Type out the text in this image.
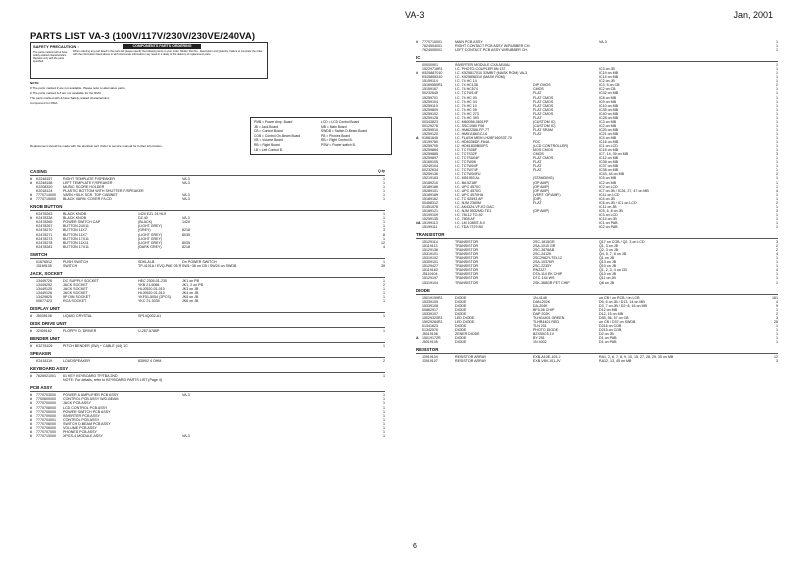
VA-3	Jan, 2001
PARTS LIST VA-3 (100V/117V/230V/230VE/240VA)
SAFETY PRECAUTION :
The parts marked with Δ have safety-related characteristics. Replace only with the parts specified.
COMPONENTS PARTS ORDERING
When ordering any part listed in the parts list please specify the following items in your order: Model, Part No., Description and Quantity. Failure to complete the order with the information listed above or with inaccurate information may result in a delay of the delivery of replacement parts.
NOTE:
# The parts marked # are not available. Please refer to alternative parts.
# The parts marked Δ # are not available for the RMA.
The parts marked with Δ have Safety-related characteristics.
Component for RMA
PMB = Power Amp. Board
JB = Jack Board
CB = Control Board
COB = Control On-Beam Board
VB = Volume Board
RB = Right Board
LB = Left Control B.
LCD = LCD Control Board
MB = Main Board
SWDB = Switch D-Beam Board
PB = Phones Board
RB = Right Control B.
PSW = Power switch B.
Replacement should be made with the identical part. Refer to service manual for further information.
CASING	Q.ty
# K2248157	RIGHT TEMPLATE F/SPEAKER	VA-3	1
# K2248158	LEFT TEMPLATE F/SPEAKER	VA-3	1
K2208320	MUSIC SCORE HOLDER	1
K2018124	PLASTIC BOTTOM WITH SHUTTER F/SPEAKER	1
# 7770714000 VARN.+SILK SCR. TOP CABINET	VA-3	1
# 7770715000 BLACK VARN. COVER F/LCD	VA-3	1
KNOB BUTTON
K2478263	BLACK KNOB	1420 EZL 24 HL9	1
# K2478338	BLACK KNOB	DZ.40	VA-3	1
K2478265	POWER SWITCH CAP	(BLACK)	1420	1
K2478267	BUTTON 24X11	(LIGHT GREY)	1
K2478270	BUTTON 11X7	(GREY)	8218	3
K2478271	BUTTON 11X7	(LIGHT GREY)	8035	8
K2478273	BUTTON 17X11	(LIGHT GREY)	1
K2478278	BUTTON 11X11	(LIGHT GREY)	8035	12
K2478281	BUTTON 17X11	(DARK GREY)	8218	4
SWITCH
01676512	PUSH SWITCH	SDKLAI-B	On POWER SWITCH	1
J3169105	SWITCH	TP-4101A / EVQ-PAE 05 R SW1~38 on CB / SW24 on SWDB	39
JACK, SOCKET
13449726	DC SUPPLY SOCKET	HEC 2305-01-230	JK1 on PB	1
13449252	JACK SOCKET	YKB 21-5066	JK1, 2 on PB	2
13449125	JACK SOCKET	HLJ0520-01-010	JK3 on JB	1
13449126	JACK SOCKET	HLJ0520-01-010	JK4 on JB	1
13429825	5P DIN SOCKET	YKF51-5054 (2PCS)	JK5 on JB	1
00677423	RCA SOCKET	YKC 21-3035	JK6 on JB	1
DISPLAY UNIT
# J5039108	LIQUID CRYSTAL	SP14Q002-A1	1
DISK DRIVE UNIT
# J2409162	FLOPPY D. DRIVER	U-257 A786P	1
BENDER UNIT
# K3278109	PITCH BENDER (SW) + CABLE (44) 1C	1
SPEAKER
K2418119	LOUDSPEAKER	8359/2 4 OHM	2
KEYBOARD ASSY
# 7626921001 61 KEY KEYBOARD TP/TBA 2ND	1
NOTE: For details, refer to KEYBOARD PARTS LIST (Page 4)
PCB ASSY
# 7770703000 POWER & AMPLIFIER PCB ASSY	VA-3	1
# 7700600000 CONTROL PCB ASSY W/D-BEAM	1
# 7770700000 JACK PCB ASSY	1
# 7770708000 LCD CONTROL PCB ASSY	1
# 7770705000 POWER SWITCH PCB ASSY	1
# 7770709000 INVERTER PCB ASSY	1
# 7770704001 CONTROL PCB ASSY	1
# 7770706000 SWITCH D.BEAM PCB ASSY	1
# 7770706000 VOLUME PCB ASSY	1
# 7770707000 PHONES PCB ASSY	1
# 7770710000 XPGS-4 MODULE ASSY	VA-3	1
# 7770710001	MAIN PCB ASSY	VA-3	1
7624504001	RIGHT CONTACT PCB ASSY W/RUBBER CH.	1
7624505001	LEFT CONTACT PCB ASSY W/RUBBER CH.	1
IC
00000901	INVERTER MODULE CXA-M10AL	1
15229718R1	I.C. PHOTO-COUPLER 6N 137	IC3 on JB	1
# K525887010	I.C. K525817010 32MBIT (MASK ROM) VA-3	IC19 on MB	1
K525858310	I.C. K525858310 (MASK ROM)	IC14 on MB	1
15159114	I.C. 74 HC 14	IC2 on JB	1
15169550R1	I.C. 74 HC138	DIP CMOS	IC3, 5 on CB	2
15159167	I.C. 74 HC574	CMOS	IC2 on CB	1
00232645	I.C. TC7W14F	FLAT	IC32 on MB	1
15259701	I.C. 74 HC 00	FLAT CMOS	IC8 on MB	1
15259104	I.C. 74 HC 04	FLAT CMOS	IC9 on MB	1
15259110	I.C. 74 HC 10	FLAT CMOS	IC10 on MB	1
15259809	I.C. 74 HC 09	FLAT CMOS	IC35 on MB	1
15259102	I.C. 74 HC 273	FLAT CMOS	IC40 on MB	1
15259128	I.C. 74 HC 393	FLAT	IC28 on MB	1
00343823	I.C. M60056-0601FP	(CUSTOM IC)	IC3 on MB	1
00129278	I.C. SSC1080 F08	(CUSTOM IC)	IC2 on MB	1
15259510	I.C. HM62256LFP-7T	FLAT SRAM	IC20 on MB	1
15259120	I.C. HM51186GCJ-6	FLAT	IC21 on MB	1
A 01661645	I.C. FLASH MEM LH28F160S3T-70	IC4 on MB	1
15199780	I.C. HD6336DF-F64A	FDC	IC16 on MB	1
15259705	I.C. HD61830B00FS	(LCD CONTROLLER)	IC1 on LCD	1
15259884	I.C. TC7S08F	MOS CMOS	IC15 on MB	1
15259885	I.C. TC7S32F	CMOS	IC7, 14, 39 on MB	3
15259897	I.C. TC7SU04F	FLAT CMOS	IC12 on MB	1
15169105	I.C. TC7W08	FLAT	IC36 on MB	1
15249104	I.C. TC7W04F	FLAT	IC37 on MB	1
00232634	I.C. TC7W74F	FLAT	IC38 on MB	1
15259136	I.C. TC7W04FU	IC43, 44 on MB	2
15219183	I.C. M51953 AL	(STANDING)	IC5 on MB	1
15189210	I.C. BA 5218F	(OP AMP)	IC2 on MB	1
15189186	I.C. UPC 4570C	(OP AMP)	IC2 on LCD	1
15289101	I.C. UPC 4570G	(OP AMP)	IC7 on JB / IC26, 27, 47 on MB	4
15189189	I.C. UPC 4570HA	(VERT. OP.AMP.)	IC11 on LCD	1
15189162	I.C. TC 62593 AP	(DIP)	IC4 on JB	1
00458312	I.C. NJM 2360M	FLAT	IC6 on JB / IC1 on LCD	2
01451578	I.C. AK4324-VF-E2 DAC	IC11 on JB	1
15189121	I.C. NJM 5532MD-TE1	(OP AMP)	IC5, 6, 8 on JB	3
15199109	I.C. 78L12 TO-92	IC3 on LCD	1
15259135	I.C. 7805 AF	IC14 on JB	1
#A 15199113	I.C. LM 1085IT-5.0	IC1 on PAB	1
15199111	I.C. TDA 7379 BV	IC2 on PAB	1
TRANSISTOR
15129114	TRANSISTOR	2SC-1815GR	Q17 on COB / Q2, 3 on LCD	3
15119113	TRANSISTOR	2SA-1015 GR	Q1, 3 on JB	2
15129136	TRANSISTOR	2SC-2878AB	Q2, 3 on JB	2
15319101	TRANSISTOR	2SC-2412K	Q4, 5, 7, 8 on JB	4
15319102	TRANSISTOR	2SC2982Y-TEL12	Q1 on JB	1
15309101	TRANSISTOR	2SA-1037KR	Q13 on JB	1
15129427	TRANSISTOR	2SC-2235Y	Q10 on JB	1
15119163	TRANSISTOR	RN2227	Q1, 2, 3, 4 on CB	4
J5119104	TRANSISTOR	DTA-114 EK CHIP	Q10 on JB	1
15129197	TRANSISTOR	DTC-144 WS	Q11 on JB	1
15319104	TRANSISTOR	2SK-368GR FET CHIP	Q8 on JB	1
DIODE
15019159R1	DIODE	1N-4148	on CB / on RCB / on LCB	161
15339105	DIODE	DAN-202K	D5, 6 on JB / D13, 14 on MB	4
15339108	DIODE	DA-204K	D3, 7 on JB / D2~8, 16 on MB	9
00862917	DIODE	BF5-06 CHIP	D12 on MB	1
15339107	DIODE	DAP 202K	D12, 15 on MB	2
15029320R1	LED DIODE	TLHG4401 GREEN	D55, 56, 57 on CB	3
15029284R1	LED DIODE	TLHR4401 RED	on CB / D37 on SWDB	28
01341623	DIODE	TLN 201	D216 on COB	1
01342576	DIODE	PHOTO DIODE	D215 on COB	1
J5019106	ZENER DIODE	BZX55C5.1V	D2 on JB	1
A 15019172R	DIODE	BY 251	D1 on PAB	1
J5019105	DIODE	1N 4002	D1 on PAB	1
RESISTOR
J3919104	RESISTOR ARRAY	EXB-A10E-103-J	RA1, 2, 6, 7, 8, 9, 10, 15, 27, 28, 29, 30 on MB	12
J3919107	RESISTOR ARRAY	EXB-V8V-101-JV	RA12, 13, 45 on MB	3
6
